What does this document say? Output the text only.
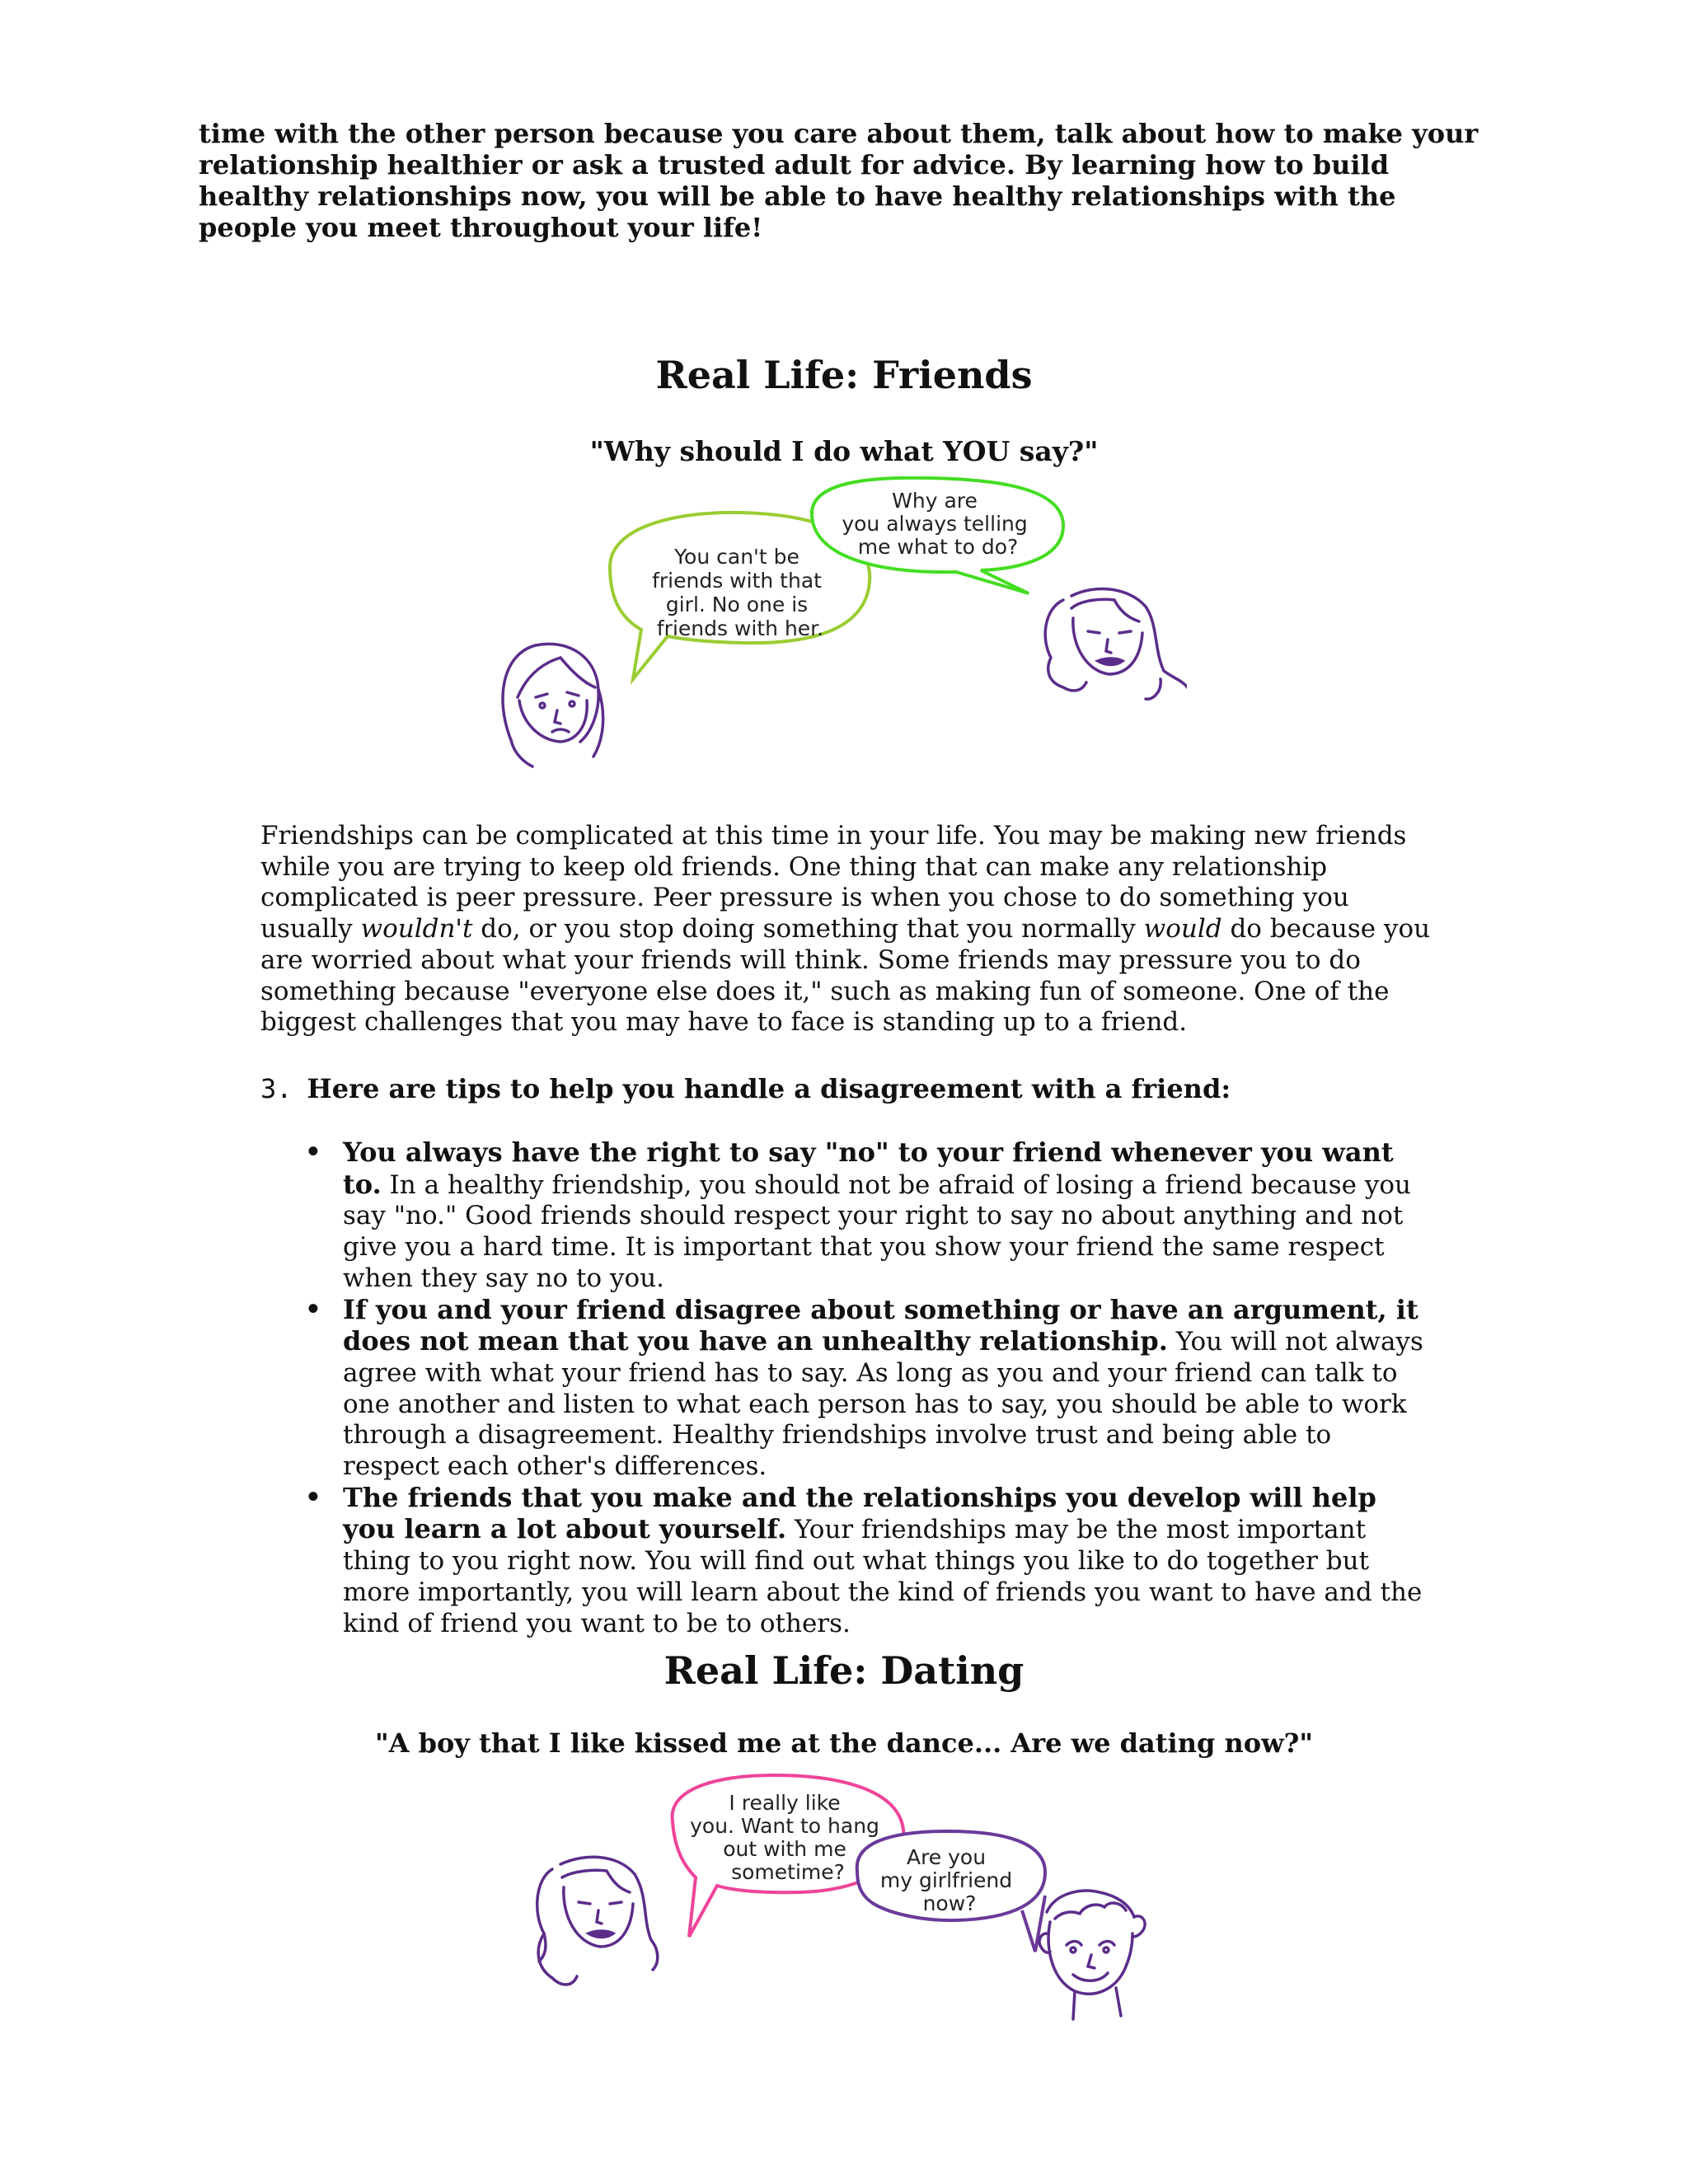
time with the other person because you care about them, talk about how to make your relationship healthier or ask a trusted adult for advice. By learning how to build healthy relationships now, you will be able to have healthy relationships with the people you meet throughout your life!
Real Life: Friends

"Why should I do what YOU say?"

You can't be friends with that girl. No one is friends with her.
Why are you always telling me what to do?
Friendships can be complicated at this time in your life. You may be making new friends while you are trying to keep old friends. One thing that can make any relationship complicated is peer pressure. Peer pressure is when you chose to do something you usually wouldn't do, or you stop doing something that you normally would do because you are worried about what your friends will think. Some friends may pressure you to do something because "everyone else does it," such as making fun of someone. One of the biggest challenges that you may have to face is standing up to a friend.
3. Here are tips to help you handle a disagreement with a friend:
• You always have the right to say "no" to your friend whenever you want to. In a healthy friendship, you should not be afraid of losing a friend because you say "no." Good friends should respect your right to say no about anything and not give you a hard time. It is important that you show your friend the same respect when they say no to you.
• If you and your friend disagree about something or have an argument, it does not mean that you have an unhealthy relationship. You will not always agree with what your friend has to say. As long as you and your friend can talk to one another and listen to what each person has to say, you should be able to work through a disagreement. Healthy friendships involve trust and being able to respect each other's differences.
• The friends that you make and the relationships you develop will help you learn a lot about yourself. Your friendships may be the most important thing to you right now. You will find out what things you like to do together but more importantly, you will learn about the kind of friends you want to have and the kind of friend you want to be to others.
Real Life: Dating

"A boy that I like kissed me at the dance... Are we dating now?"

I really like you. Want to hang out with me sometime?
Are you my girlfriend now?
